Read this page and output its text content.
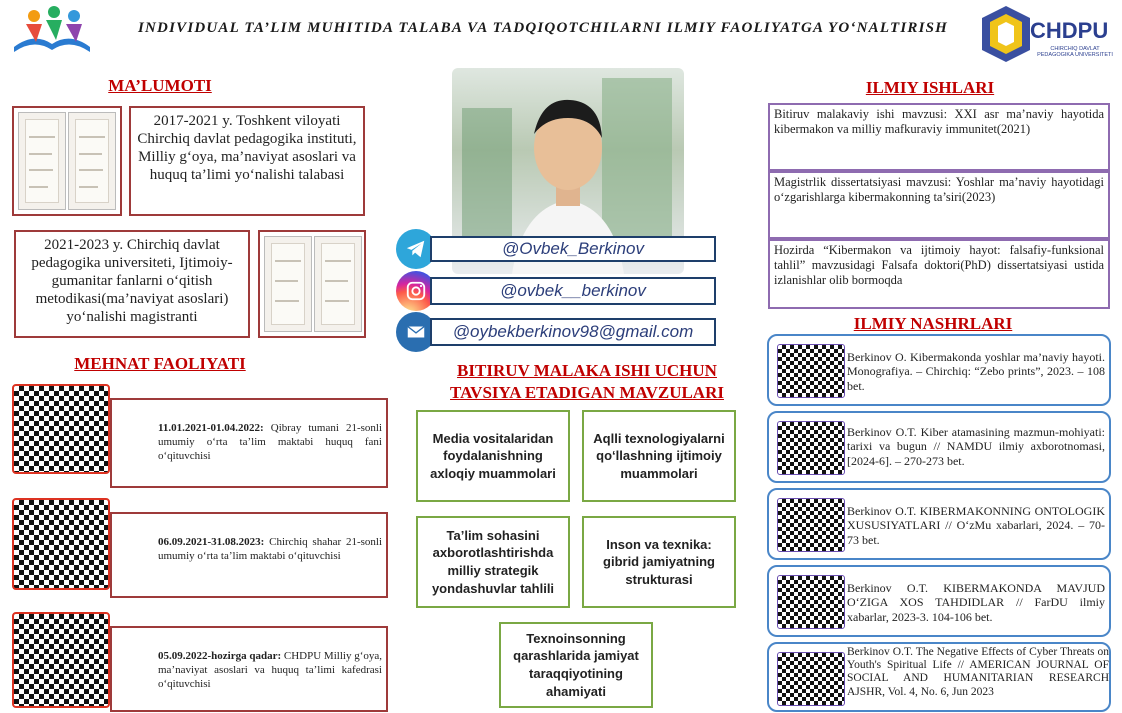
INDIVIDUAL TA’LIM MUHITIDA TALABA VA TADQIQOTCHILARNI ILMIY FAOLIYATGA YO‘NALTIRISH	CHDPU
CHIRCHIQ DAVLAT PEDAGOGIKA UNIVERSITETI
MA’LUMOTI
2017-2021 y. Toshkent viloyati Chirchiq davlat pedagogika instituti, Milliy g‘oya, ma’naviyat asoslari va huquq ta’limi yo‘nalishi talabasi
2021-2023 y. Chirchiq davlat pedagogika universiteti, Ijtimoiy-gumanitar fanlarni o‘qitish metodikasi(ma’naviyat asoslari) yo‘nalishi magistranti
MEHNAT FAOLIYATI
11.01.2021-01.04.2022: Qibray tumani 21-sonli umumiy o‘rta ta’lim maktabi huquq fani o‘qituvchisi
06.09.2021-31.08.2023: Chirchiq shahar 21-sonli umumiy o‘rta ta’lim maktabi o‘qituvchisi
05.09.2022-hozirga qadar: CHDPU Milliy g‘oya, ma’naviyat asoslari va huquq ta’limi kafedrasi o‘qituvchisi
@Ovbek_Berkinov
@ovbek__berkinov
@oybekberkinov98@gmail.com
BITIRUV MALAKA ISHI UCHUN
TAVSIYA ETADIGAN MAVZULARI
Media vositalaridan foydalanishning axloqiy muammolari
Aqlli texnologiyalarni qo‘llashning ijtimoiy muammolari
Ta’lim sohasini axborotlashtirishda milliy strategik yondashuvlar tahlili
Inson va texnika: gibrid jamiyatning strukturasi
Texnoinsonning qarashlarida jamiyat taraqqiyotining ahamiyati
ILMIY ISHLARI
Bitiruv malakaviy ishi mavzusi: XXI asr ma’naviy hayotida kibermakon va milliy mafkuraviy immunitet(2021)
Magistrlik dissertatsiyasi mavzusi: Yoshlar ma’naviy hayotidagi o‘zgarishlarga kibermakonning ta’siri(2023)
Hozirda “Kibermakon va ijtimoiy hayot: falsafiy-funksional tahlil” mavzusidagi Falsafa doktori(PhD) dissertatsiyasi ustida izlanishlar olib bormoqda
ILMIY NASHRLARI
Berkinov O. Kibermakonda yoshlar ma’naviy hayoti. Monografiya. – Chirchiq: “Zebo prints”, 2023. – 108 bet.
Berkinov O.T. Kiber atamasining mazmun-mohiyati: tarixi va bugun // NAMDU ilmiy axborotnomasi, [2024-6]. – 270-273 bet.
Berkinov O.T. KIBERMAKONNING ONTOLOGIK XUSUSIYATLARI // O‘zMu xabarlari, 2024. – 70-73 bet.
Berkinov O.T. KIBERMAKONDA MAVJUD O‘ZIGA XOS TAHDIDLAR // FarDU ilmiy xabarlar, 2023-3. 104-106 bet.
Berkinov O.T. The Negative Effects of Cyber Threats on Youth's Spiritual Life // AMERICAN JOURNAL OF SOCIAL AND HUMANITARIAN RESEARCH AJSHR, Vol. 4, No. 6, Jun 2023
